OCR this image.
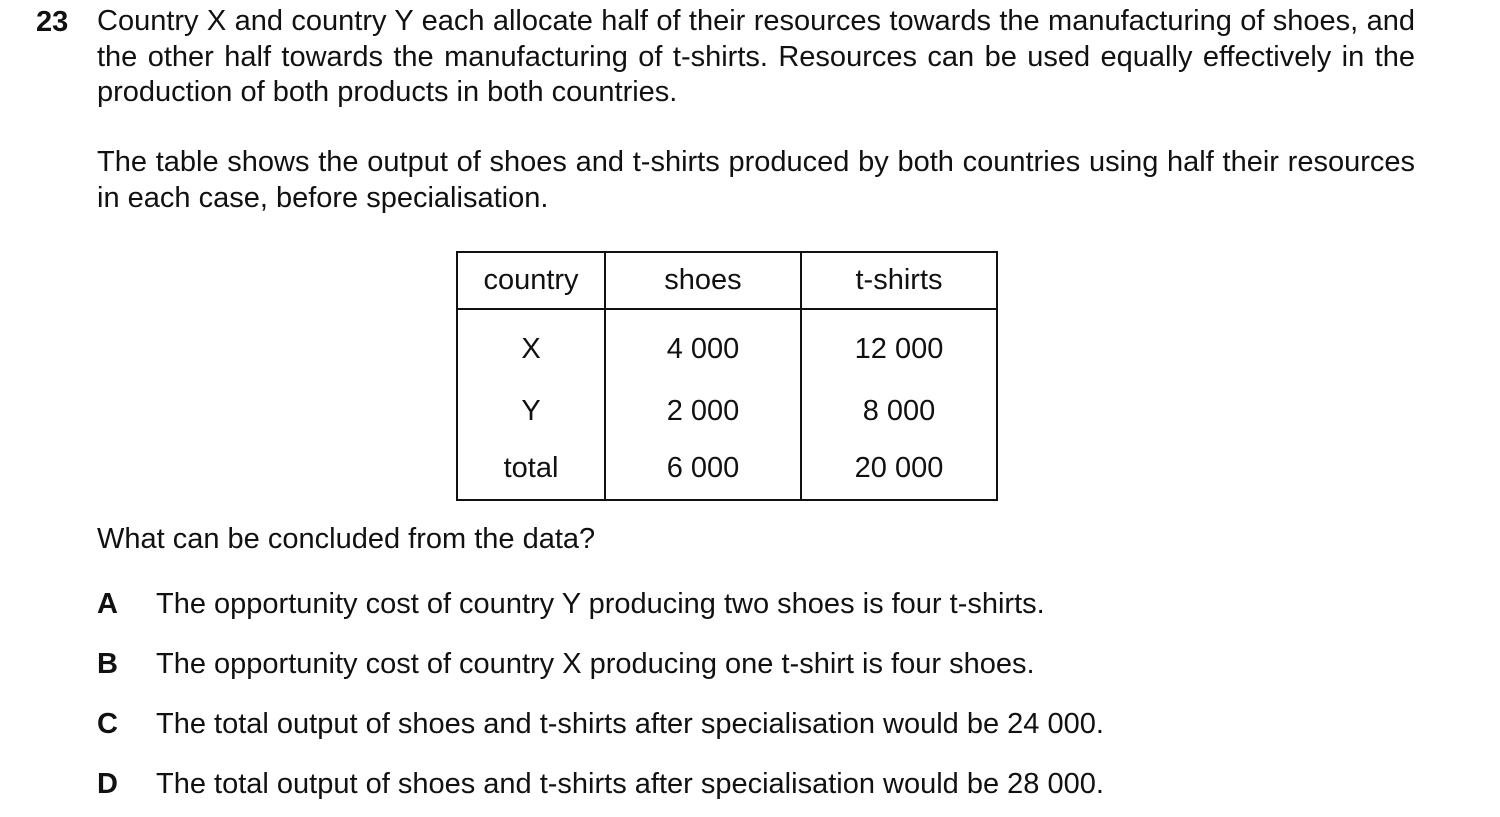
23 Country X and country Y each allocate half of their resources towards the manufacturing of shoes, and the other half towards the manufacturing of t-shirts. Resources can be used equally effectively in the production of both products in both countries.
The table shows the output of shoes and t-shirts produced by both countries using half their resources in each case, before specialisation.
country	shoes	t-shirts
X	4 000	12 000
Y	2 000	8 000
total	6 000	20 000
What can be concluded from the data?
A The opportunity cost of country Y producing two shoes is four t-shirts.
B The opportunity cost of country X producing one t-shirt is four shoes.
C The total output of shoes and t-shirts after specialisation would be 24 000.
D The total output of shoes and t-shirts after specialisation would be 28 000.
